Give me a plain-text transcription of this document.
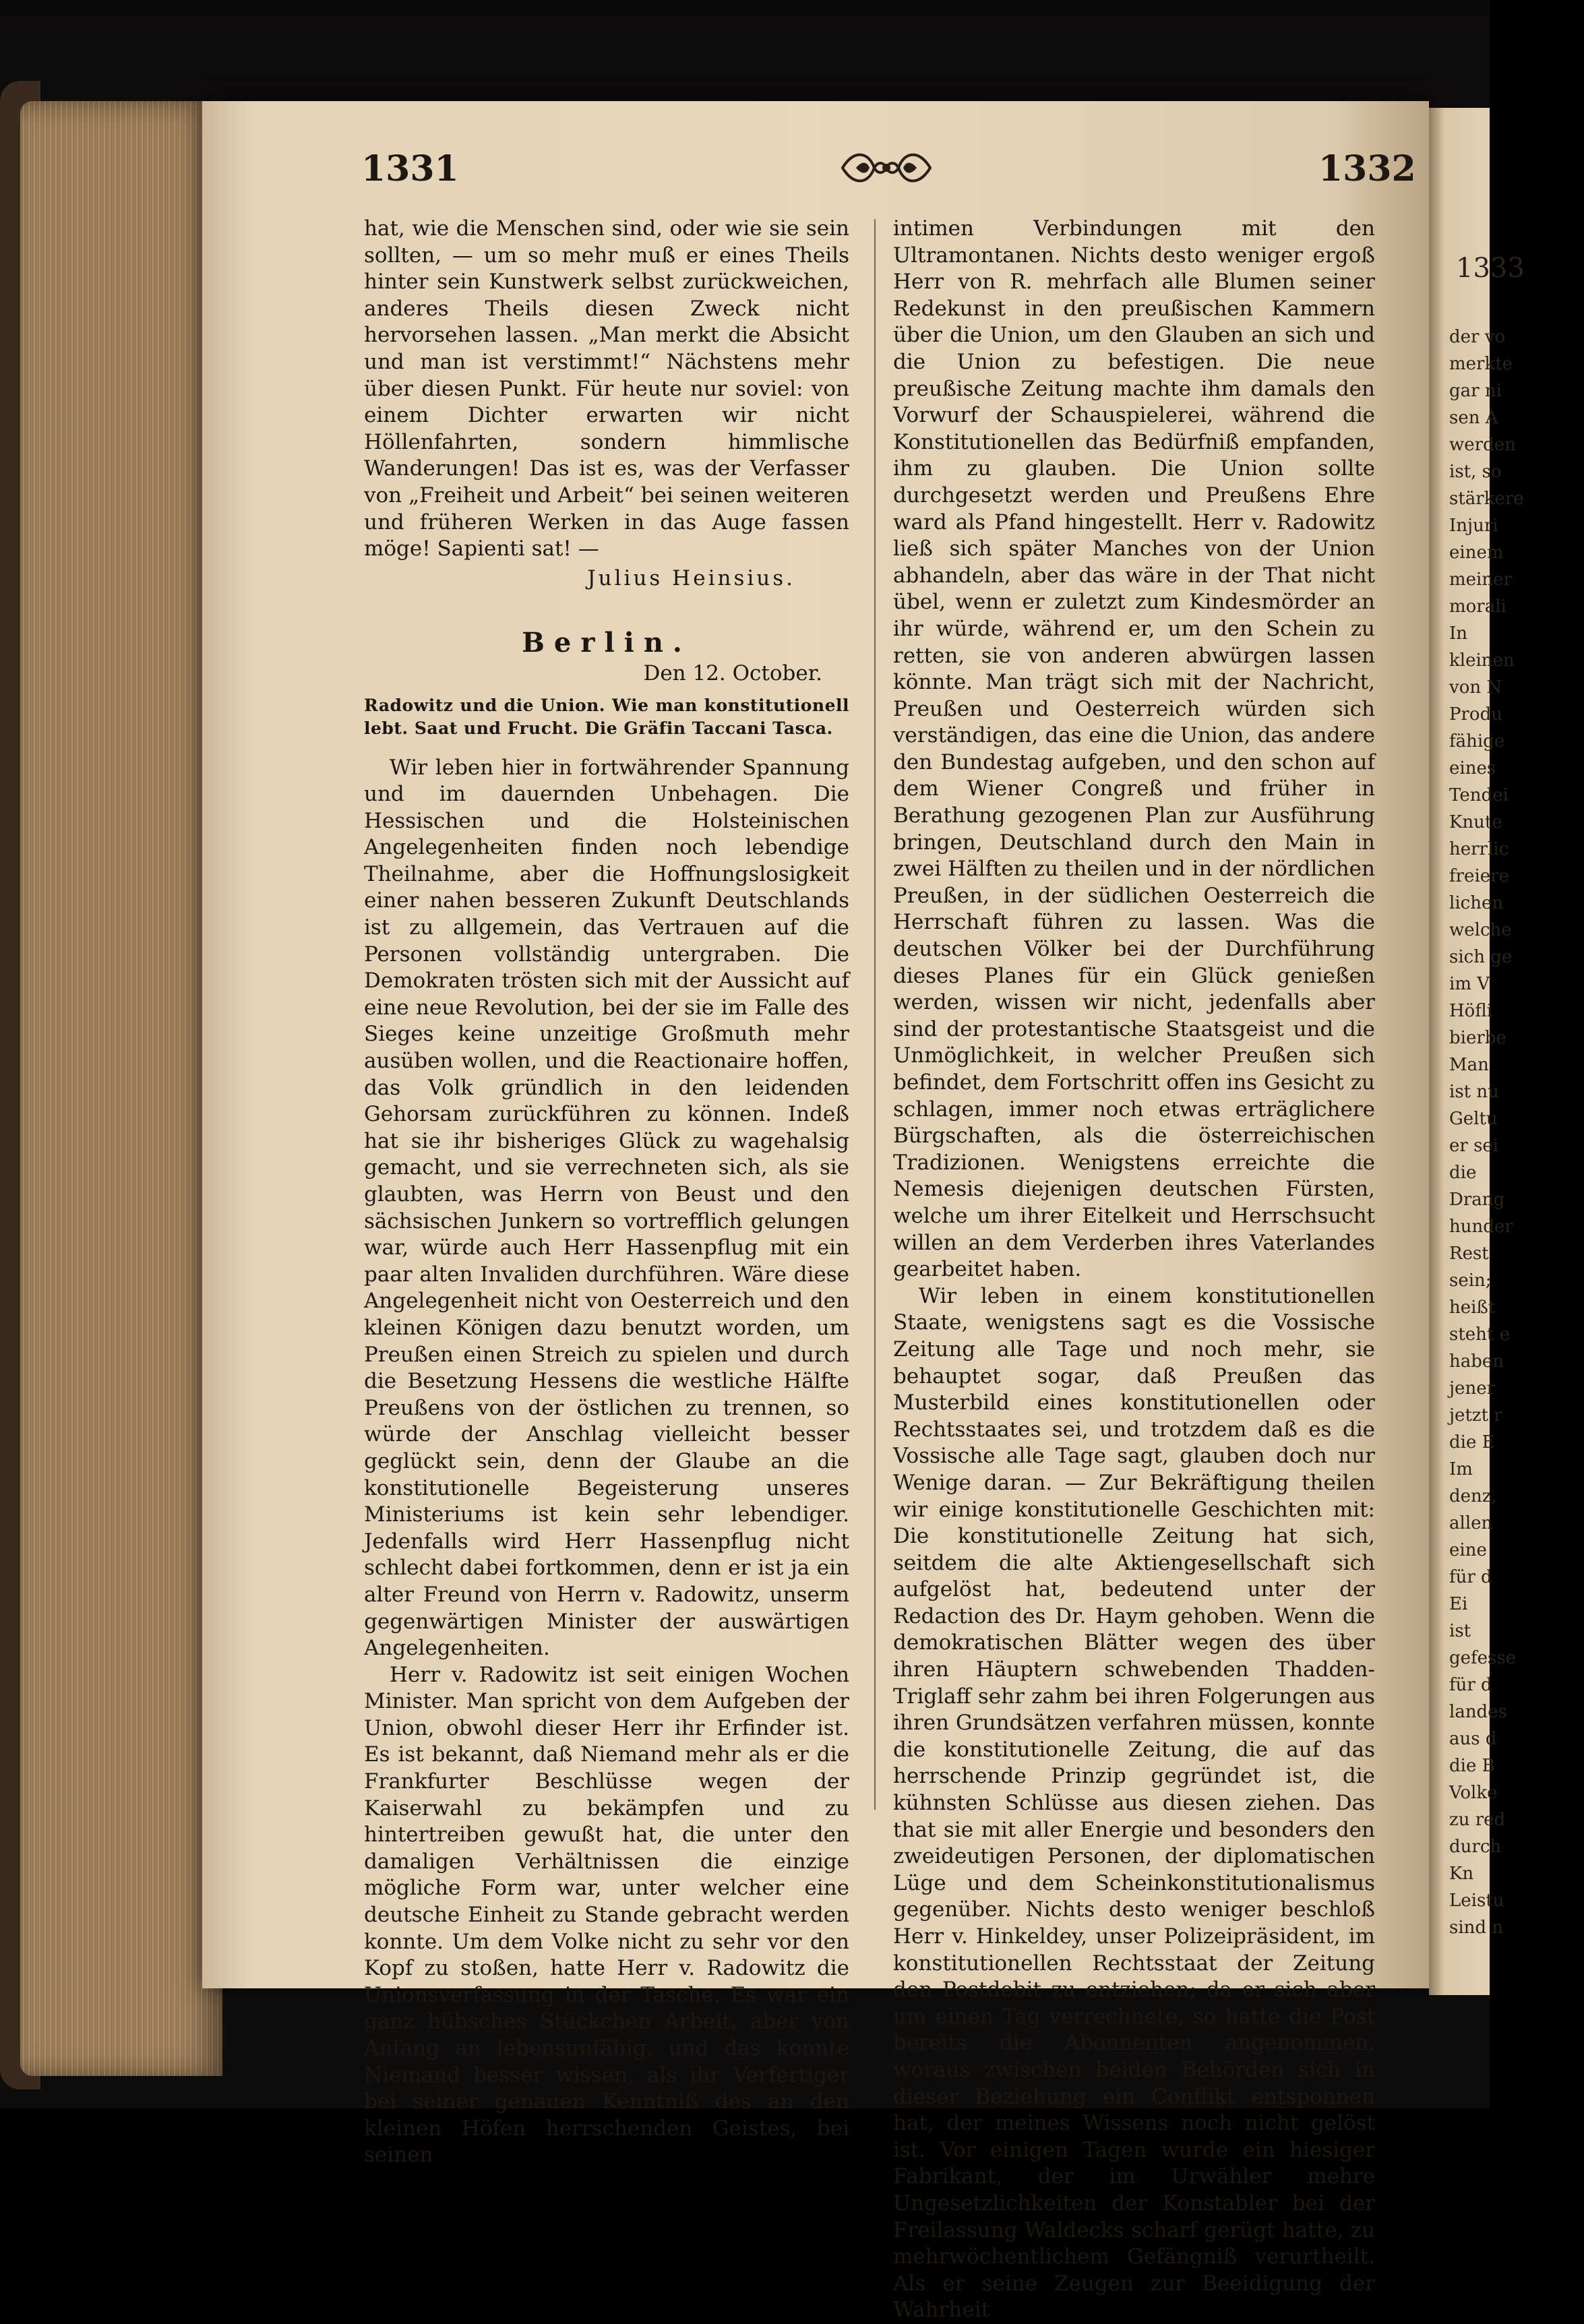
1333
der vo
merkte
gar ni
sen A
werden
ist, so
stärkere
Injuri
einem
meiner
morali
In
kleinen
von N
Produ
fähige
eines
Tendei
Knute
herrlic
freiere
lichen
welche
sich ge
im V
Höfli
bierbe
Man
ist nu
Geltu
er sei
die
Drang
hunder
Rest
sein;
heißt
steht e
haben
jener
jetzt r
die E
Im
denz,
allen
eine
für d
Ei
ist
gefesse
für d
landes
aus d
die B
Volke
zu red
durch
Kn
Leistu
sind n
1331	1332

hat, wie die Menschen sind, oder wie sie sein sollten, — um so mehr muß er eines Theils hinter sein Kunstwerk selbst zurückweichen, anderes Theils diesen Zweck nicht hervorsehen lassen. „Man merkt die Absicht und man ist verstimmt!“ Nächstens mehr über diesen Punkt. Für heute nur soviel: von einem Dichter erwarten wir nicht Höllenfahrten, sondern himmlische Wanderungen! Das ist es, was der Verfasser von „Freiheit und Arbeit“ bei seinen weiteren und früheren Werken in das Auge fassen möge! Sapienti sat! —

Julius Heinsius.

Berlin.

Den 12. October.

Radowitz und die Union. Wie man konstitutionell lebt. Saat und Frucht. Die Gräfin Taccani Tasca.

Wir leben hier in fortwährender Spannung und im dauernden Unbehagen. Die Hessischen und die Holsteinischen Angelegenheiten finden noch lebendige Theilnahme, aber die Hoffnungslosigkeit einer nahen besseren Zukunft Deutschlands ist zu allgemein, das Vertrauen auf die Personen vollständig untergraben. Die Demokraten trösten sich mit der Aussicht auf eine neue Revolution, bei der sie im Falle des Sieges keine unzeitige Großmuth mehr ausüben wollen, und die Reactionaire hoffen, das Volk gründlich in den leidenden Gehorsam zurückführen zu können. Indeß hat sie ihr bisheriges Glück zu wagehalsig gemacht, und sie verrechneten sich, als sie glaubten, was Herrn von Beust und den sächsischen Junkern so vortrefflich gelungen war, würde auch Herr Hassenpflug mit ein paar alten Invaliden durchführen. Wäre diese Angelegenheit nicht von Oesterreich und den kleinen Königen dazu benutzt worden, um Preußen einen Streich zu spielen und durch die Besetzung Hessens die westliche Hälfte Preußens von der östlichen zu trennen, so würde der Anschlag vielleicht besser geglückt sein, denn der Glaube an die konstitutionelle Begeisterung unseres Ministeriums ist kein sehr lebendiger. Jedenfalls wird Herr Hassenpflug nicht schlecht dabei fortkommen, denn er ist ja ein alter Freund von Herrn v. Radowitz, unserm gegenwärtigen Minister der auswärtigen Angelegenheiten.

Herr v. Radowitz ist seit einigen Wochen Minister. Man spricht von dem Aufgeben der Union, obwohl dieser Herr ihr Erfinder ist. Es ist bekannt, daß Niemand mehr als er die Frankfurter Beschlüsse wegen der Kaiserwahl zu bekämpfen und zu hintertreiben gewußt hat, die unter den damaligen Verhältnissen die einzige mögliche Form war, unter welcher eine deutsche Einheit zu Stande gebracht werden konnte. Um dem Volke nicht zu sehr vor den Kopf zu stoßen, hatte Herr v. Radowitz die Unionsverfassung in der Tasche. Es war ein ganz hübsches Stückchen Arbeit, aber von Anfang an lebensunfähig, und das konnte Niemand besser wissen, als ihr Verfertiger bei seiner genauen Kenntniß des an den kleinen Höfen herrschenden Geistes, bei seinen

intimen Verbindungen mit den Ultramontanen. Nichts desto weniger ergoß Herr von R. mehrfach alle Blumen seiner Redekunst in den preußischen Kammern über die Union, um den Glauben an sich und die Union zu befestigen. Die neue preußische Zeitung machte ihm damals den Vorwurf der Schauspielerei, während die Konstitutionellen das Bedürfniß empfanden, ihm zu glauben. Die Union sollte durchgesetzt werden und Preußens Ehre ward als Pfand hingestellt. Herr v. Radowitz ließ sich später Manches von der Union abhandeln, aber das wäre in der That nicht übel, wenn er zuletzt zum Kindesmörder an ihr würde, während er, um den Schein zu retten, sie von anderen abwürgen lassen könnte. Man trägt sich mit der Nachricht, Preußen und Oesterreich würden sich verständigen, das eine die Union, das andere den Bundestag aufgeben, und den schon auf dem Wiener Congreß und früher in Berathung gezogenen Plan zur Ausführung bringen, Deutschland durch den Main in zwei Hälften zu theilen und in der nördlichen Preußen, in der südlichen Oesterreich die Herrschaft führen zu lassen. Was die deutschen Völker bei der Durchführung dieses Planes für ein Glück genießen werden, wissen wir nicht, jedenfalls aber sind der protestantische Staatsgeist und die Unmöglichkeit, in welcher Preußen sich befindet, dem Fortschritt offen ins Gesicht zu schlagen, immer noch etwas erträglichere Bürgschaften, als die österreichischen Tradizionen. Wenigstens erreichte die Nemesis diejenigen deutschen Fürsten, welche um ihrer Eitelkeit und Herrschsucht willen an dem Verderben ihres Vaterlandes gearbeitet haben.

Wir leben in einem konstitutionellen Staate, wenigstens sagt es die Vossische Zeitung alle Tage und noch mehr, sie behauptet sogar, daß Preußen das Musterbild eines konstitutionellen oder Rechtsstaates sei, und trotzdem daß es die Vossische alle Tage sagt, glauben doch nur Wenige daran. — Zur Bekräftigung theilen wir einige konstitutionelle Geschichten mit: Die konstitutionelle Zeitung hat sich, seitdem die alte Aktiengesellschaft sich aufgelöst hat, bedeutend unter der Redaction des Dr. Haym gehoben. Wenn die demokratischen Blätter wegen des über ihren Häuptern schwebenden Thadden-Triglaff sehr zahm bei ihren Folgerungen aus ihren Grundsätzen verfahren müssen, konnte die konstitutionelle Zeitung, die auf das herrschende Prinzip gegründet ist, die kühnsten Schlüsse aus diesen ziehen. Das that sie mit aller Energie und besonders den zweideutigen Personen, der diplomatischen Lüge und dem Scheinkonstitutionalismus gegenüber. Nichts desto weniger beschloß Herr v. Hinkeldey, unser Polizeipräsident, im konstitutionellen Rechtsstaat der Zeitung den Postdebit zu entziehen; da er sich aber um einen Tag verrechnete, so hatte die Post bereits die Abonnenten angenommen, woraus zwischen beiden Behörden sich in dieser Beziehung ein Conflikt entsponnen hat, der meines Wissens noch nicht gelöst ist. Vor einigen Tagen wurde ein hiesiger Fabrikant, der im Urwähler mehre Ungesetzlichkeiten der Konstabler bei der Freilassung Waldecks scharf gerügt hatte, zu mehrwöchentlichem Gefängniß verurtheilt. Als er seine Zeugen zur Beeidigung der Wahrheit
